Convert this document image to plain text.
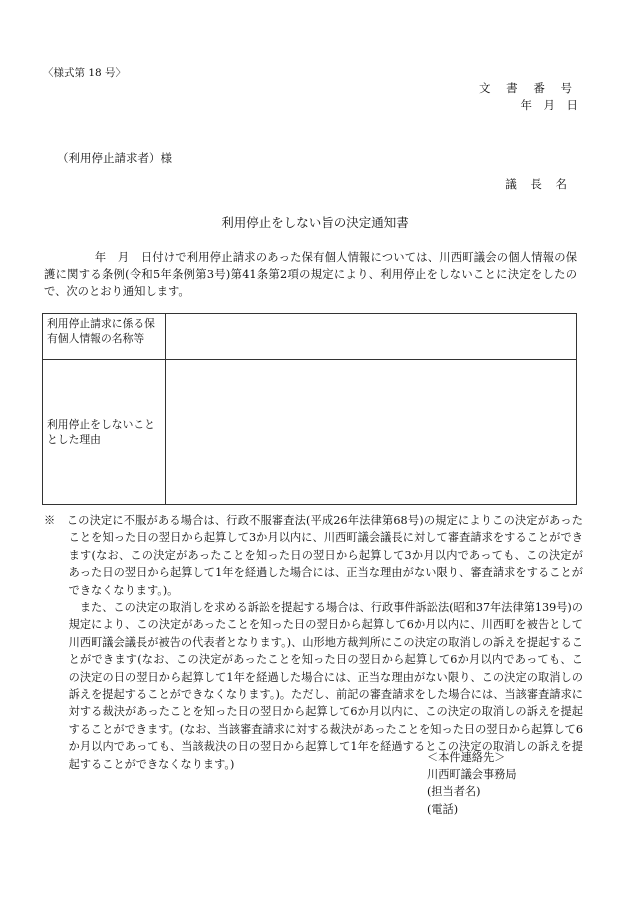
〈様式第 18 号〉
文 書 番 号
年　月　日
（利用停止請求者）様
議 長 名
利用停止をしない旨の決定通知書

年　月　日付けで利用停止請求のあった保有個人情報については、川西町議会の個人情報の保護に関する条例(令和5年条例第3号)第41条第2項の規定により、利用停止をしないことに決定をしたので、次のとおり通知します。

利用停止請求に係る保有個人情報の名称等	
利用停止をしないこととした理由	

※　 この決定に不服がある場合は、行政不服審査法(平成26年法律第68号)の規定によりこの決定があったことを知った日の翌日から起算して3か月以内に、川西町議会議長に対して審査請求をすることができます(なお、この決定があったことを知った日の翌日から起算して3か月以内であっても、この決定があった日の翌日から起算して1年を経過した場合には、正当な理由がない限り、審査請求をすることができなくなります。)。

　また、この決定の取消しを求める訴訟を提起する場合は、行政事件訴訟法(昭和37年法律第139号)の規定により、この決定があったことを知った日の翌日から起算して6か月以内に、川西町を被告として川西町議会議長が被告の代表者となります。)、山形地方裁判所にこの決定の取消しの訴えを提起することができます(なお、この決定があったことを知った日の翌日から起算して6か月以内であっても、この決定の日の翌日から起算して1年を経過した場合には、正当な理由がない限り、この決定の取消しの訴えを提起することができなくなります。)。ただし、前記の審査請求をした場合には、当該審査請求に対する裁決があったことを知った日の翌日から起算して6か月以内に、この決定の取消しの訴えを提起することができます。(なお、当該審査請求に対する裁決があったことを知った日の翌日から起算して6か月以内であっても、当該裁決の日の翌日から起算して1年を経過するとこの決定の取消しの訴えを提起することができなくなります。)

＜本件連絡先＞
川西町議会事務局
(担当者名)
(電話)
